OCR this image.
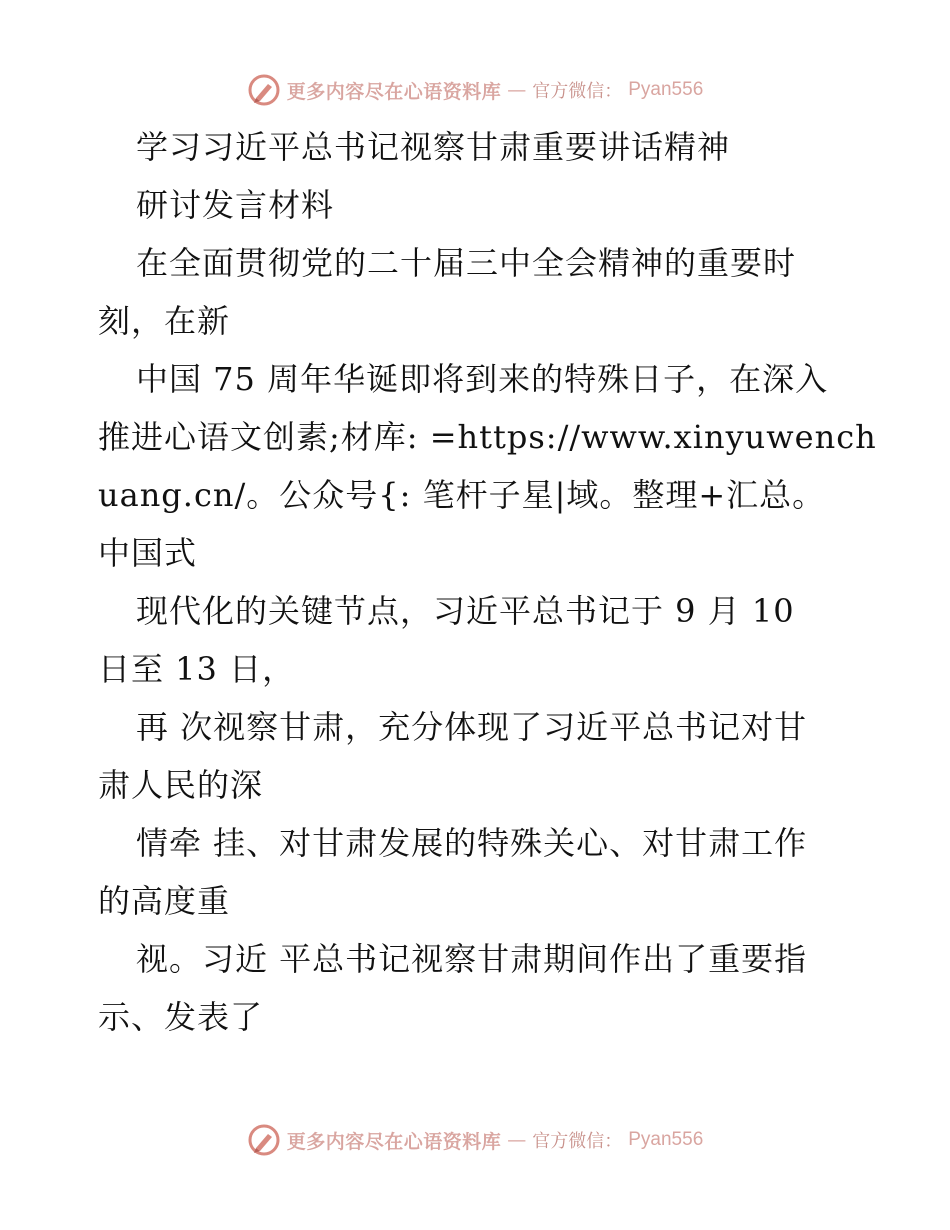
更多内容尽在心语资料库 — 官方微信： Pyan556
学习习近平总书记视察甘肃重要讲话精神
研讨发言材料
在全面贯彻党的二十届三中全会精神的重要时
刻，在新
中国 75 周年华诞即将到来的特殊日子，在深入
推进心语文创素;材库: =https://www.xinyuwench
uang.cn/。公众号{: 笔杆子星|域。整理+汇总。
中国式
现代化的关键节点，习近平总书记于 9 月 10
日至 13 日，
再 次视察甘肃，充分体现了习近平总书记对甘
肃人民的深
情牵 挂、对甘肃发展的特殊关心、对甘肃工作
的高度重
视。习近 平总书记视察甘肃期间作出了重要指
示、发表了
更多内容尽在心语资料库 — 官方微信： Pyan556
